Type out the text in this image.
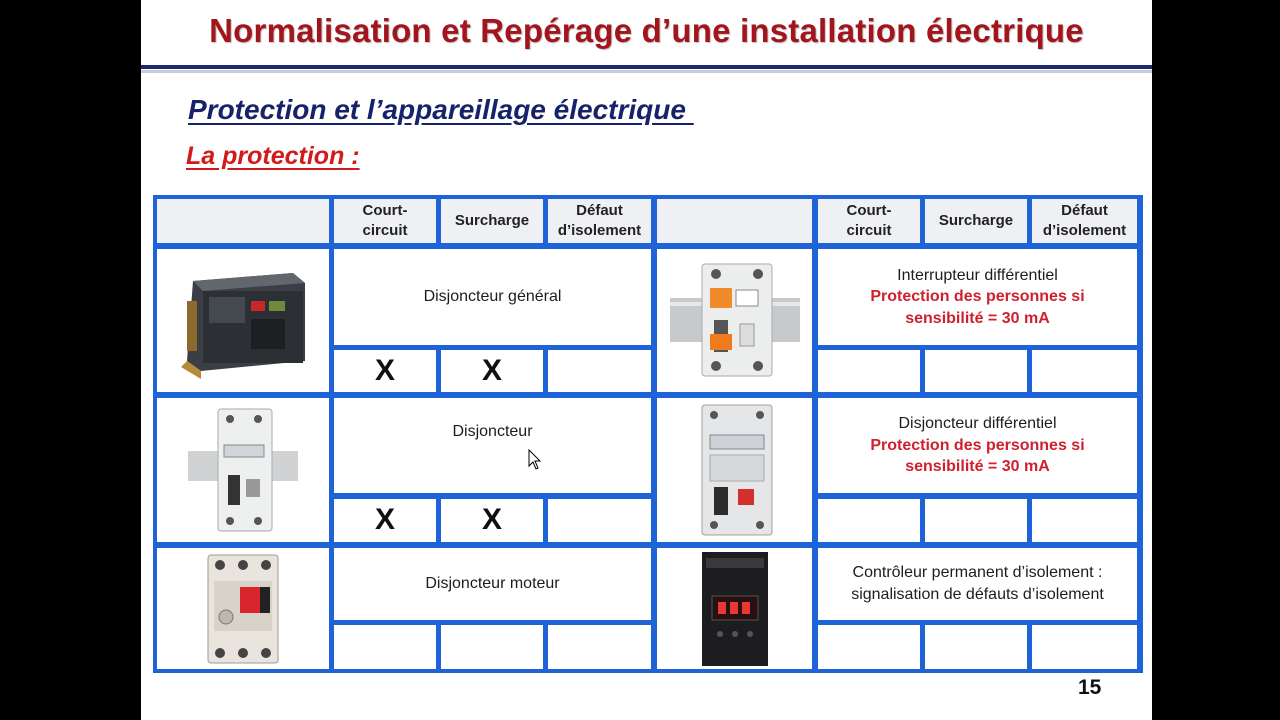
Normalisation et Repérage d’une installation électrique
Protection et l’appareillage électrique
La protection :
Court-
circuit
Surcharge
Défaut
d’isolement
Court-
circuit
Surcharge
Défaut
d’isolement
Disjoncteur général
X	X
Interrupteur différentiel
Protection des personnes si
sensibilité = 30 mA
Disjoncteur
X	X
Disjoncteur différentiel
Protection des personnes si
sensibilité = 30 mA
Disjoncteur moteur
Contrôleur permanent d’isolement :
signalisation de défauts d’isolement
15
